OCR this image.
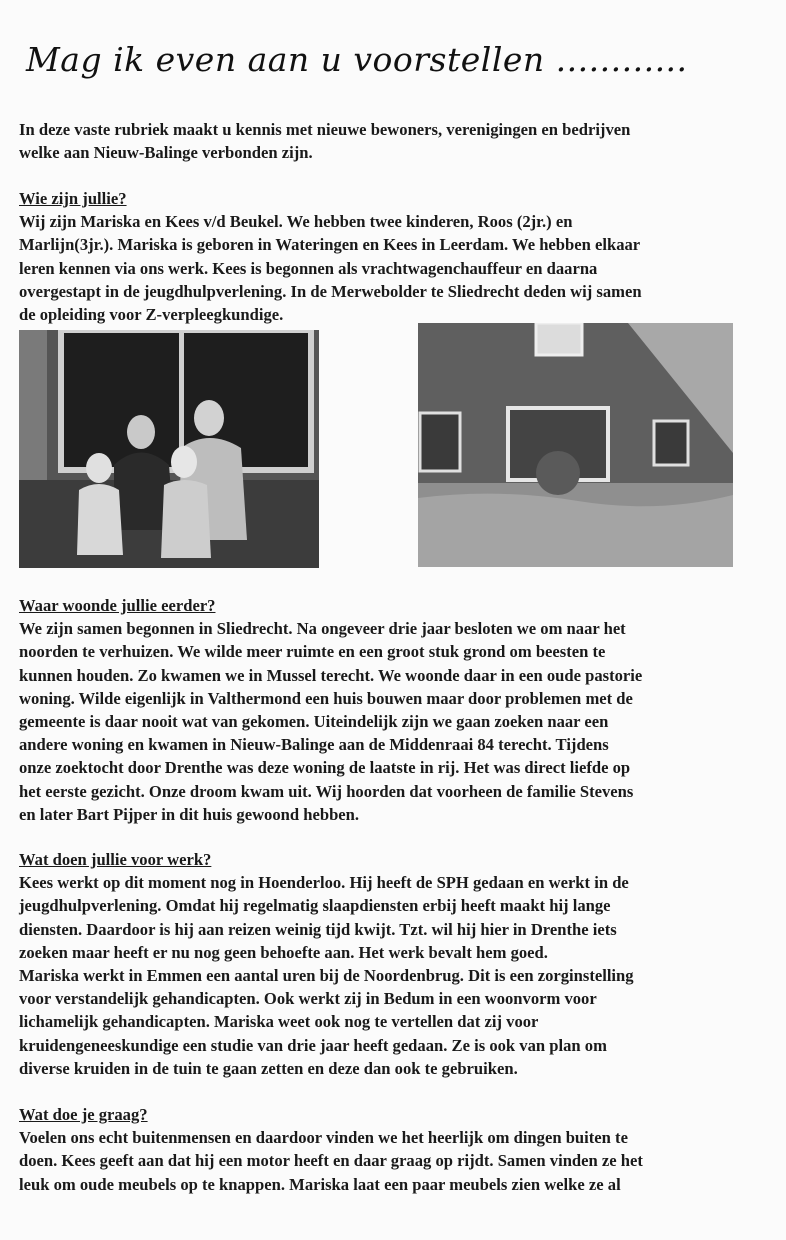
Mag ik even aan u voorstellen ............

In deze vaste rubriek maakt u kennis met nieuwe bewoners, verenigingen en bedrijven

welke aan Nieuw-Balinge verbonden zijn.

Wie zijn jullie?

Wij zijn Mariska en Kees v/d Beukel. We hebben twee kinderen, Roos (2jr.) en

Marlijn(3jr.). Mariska is geboren in Wateringen en Kees in Leerdam. We hebben elkaar

leren kennen via ons werk. Kees is begonnen als vrachtwagenchauffeur en daarna

overgestapt in de jeugdhulpverlening. In de Merwebolder te Sliedrecht deden wij samen

de opleiding voor Z-verpleegkundige.

Waar woonde jullie eerder?

We zijn samen begonnen in Sliedrecht. Na ongeveer drie jaar besloten we om naar het

noorden te verhuizen. We wilde meer ruimte en een groot stuk grond om beesten te

kunnen houden. Zo kwamen we in Mussel terecht. We woonde daar in een oude pastorie

woning. Wilde eigenlijk in Valthermond een huis bouwen maar door problemen met de

gemeente is daar nooit wat van gekomen. Uiteindelijk zijn we gaan zoeken naar een

andere woning en kwamen in Nieuw-Balinge aan de Middenraai 84 terecht. Tijdens

onze zoektocht door Drenthe was deze woning de laatste in rij. Het was direct liefde op

het eerste gezicht. Onze droom kwam uit. Wij hoorden dat voorheen de familie Stevens

en later Bart Pijper in dit huis gewoond hebben.

Wat doen jullie voor werk?

Kees werkt op dit moment nog in Hoenderloo. Hij heeft de SPH gedaan en werkt in de

jeugdhulpverlening. Omdat hij regelmatig slaapdiensten erbij heeft maakt hij lange

diensten. Daardoor is hij aan reizen weinig tijd kwijt. Tzt. wil hij hier in Drenthe iets

zoeken maar heeft er nu nog geen behoefte aan. Het werk bevalt hem goed.

Mariska werkt in Emmen een aantal uren bij de Noordenbrug. Dit is een zorginstelling

voor verstandelijk gehandicapten. Ook werkt zij in Bedum in een woonvorm voor

lichamelijk gehandicapten. Mariska weet ook nog te vertellen dat zij voor

kruidengeneeskundige een studie van drie jaar heeft gedaan. Ze is ook van plan om

diverse kruiden in de tuin te gaan zetten en deze dan ook te gebruiken.

Wat doe je graag?

Voelen ons echt buitenmensen en daardoor vinden we het heerlijk om dingen buiten te

doen. Kees geeft aan dat hij een motor heeft en daar graag op rijdt. Samen vinden ze het

leuk om oude meubels op te knappen. Mariska laat een paar meubels zien welke ze al
